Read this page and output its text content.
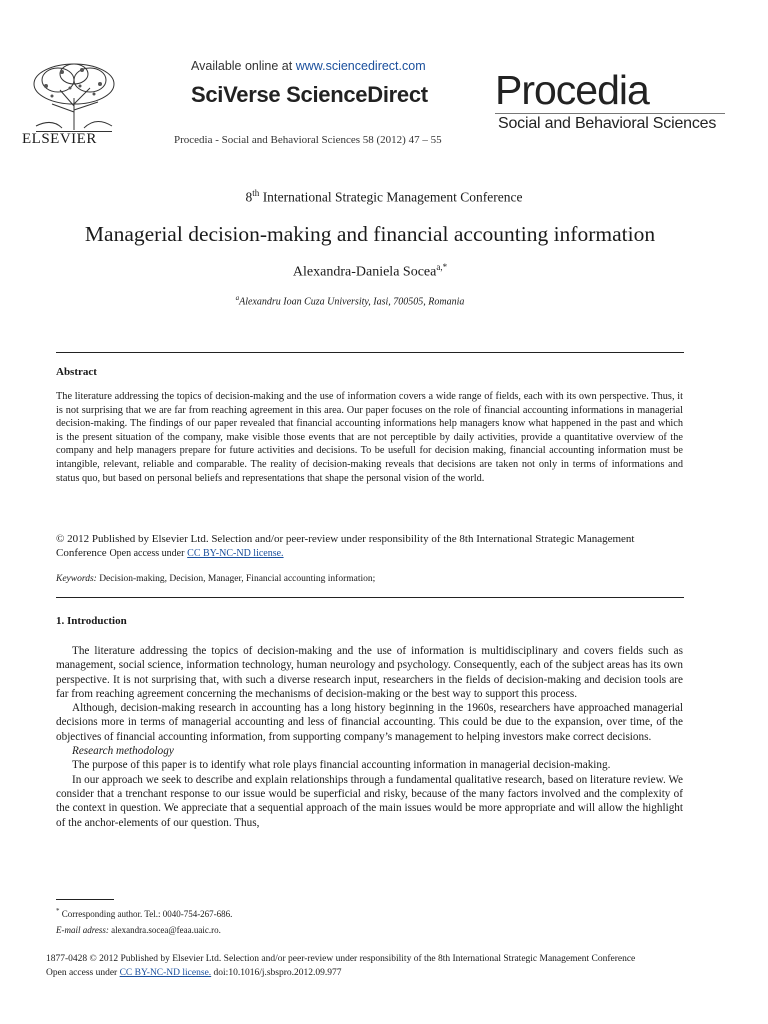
ELSEVIER
Available online at www.sciencedirect.com
SciVerse ScienceDirect
Procedia - Social and Behavioral Sciences 58 (2012) 47 – 55
Procedia
Social and Behavioral Sciences
8th International Strategic Management Conference
Managerial decision-making and financial accounting information
Alexandra-Daniela Socea$^{a,*}$
$^a$Alexandru Ioan Cuza University, Iasi, 700505, Romania
Abstract
The literature addressing the topics of decision-making and the use of information covers a wide range of fields, each with its own perspective. Thus, it is not surprising that we are far from reaching agreement in this area. Our paper focuses on the role of financial accounting informations in managerial decision-making. The findings of our paper revealed that financial accounting informations help managers know what happened in the past and which is the present situation of the company, make visible those events that are not perceptible by daily activities, provide a quantitative overview of the company and help managers prepare for future activities and decisions. To be usefull for decision making, financial accounting information must be intangible, relevant, reliable and comparable. The reality of decision-making reveals that decisions are taken not only in terms of informations and status quo, but based on personal beliefs and representations that shape the personal vision of the world.
© 2012 Published by Elsevier Ltd. Selection and/or peer-review under responsibility of the 8th International Strategic Management Conference Open access under CC BY-NC-ND license.
Keywords: Decision-making, Decision, Manager, Financial accounting information;
1. Introduction

The literature addressing the topics of decision-making and the use of information is multidisciplinary and covers fields such as management, social science, information technology, human neurology and psychology. Consequently, each of the subject areas has its own perspective. It is not surprising that, with such a diverse research input, researchers in the fields of decision-making and decision tools are far from reaching agreement concerning the mechanisms of decision-making or the best way to support this process.

Although, decision-making research in accounting has a long history beginning in the 1960s, researchers have approached managerial decisions more in terms of managerial accounting and less of financial accounting. This could be due to the expansion, over time, of the objectives of financial accounting information, from supporting company’s management to helping investors make correct decisions.

Research methodology

The purpose of this paper is to identify what role plays financial accounting information in managerial decision-making.

In our approach we seek to describe and explain relationships through a fundamental qualitative research, based on literature review. We consider that a trenchant response to our issue would be superficial and risky, because of the many factors involved and the complexity of the context in question. We appreciate that a sequential approach of the main issues would be more appropriate and will allow the highlight of the anchor-elements of our question. Thus,

* Corresponding author. Tel.: 0040-754-267-686.
E-mail adress: alexandra.socea@feaa.uaic.ro.
1877-0428 © 2012 Published by Elsevier Ltd. Selection and/or peer-review under responsibility of the 8th International Strategic Management Conference
Open access under CC BY-NC-ND license. doi:10.1016/j.sbspro.2012.09.977
